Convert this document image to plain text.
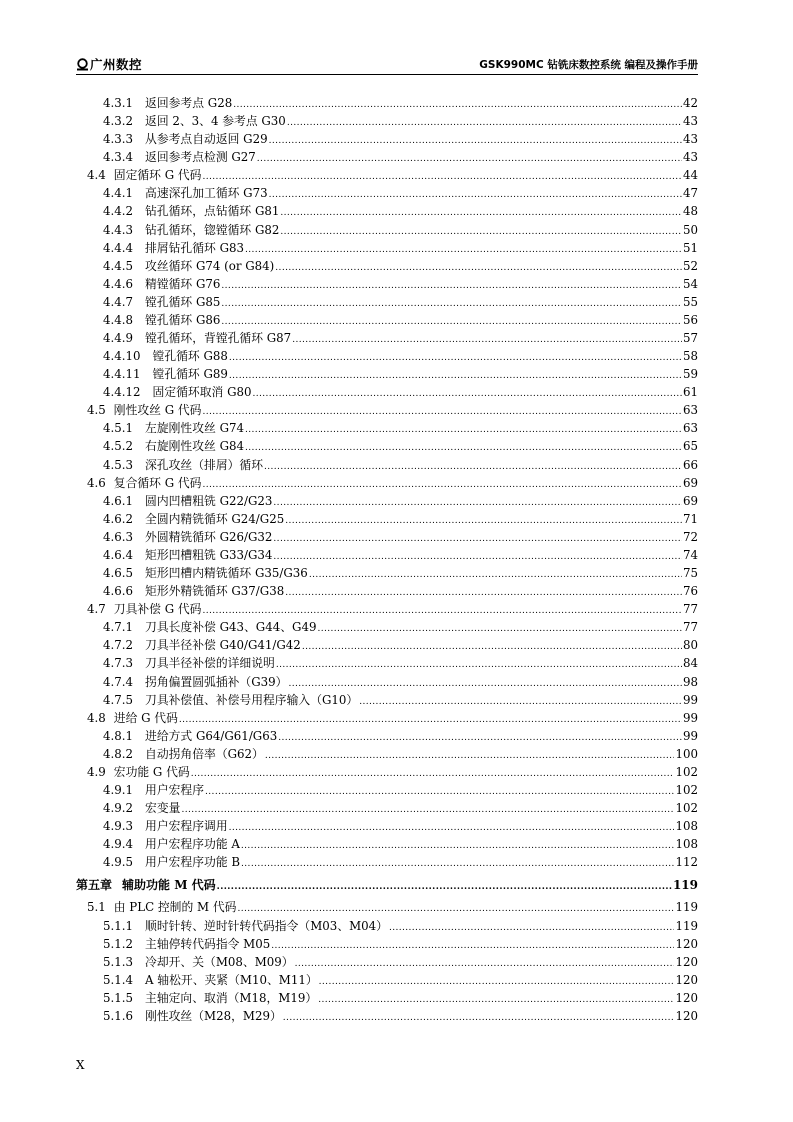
广州数控	GSK990MC 钻铣床数控系统 编程及操作手册
4.3.1 返回参考点 G28 .....	42
4.3.2 返回 2、3、4 参考点 G30 .....	43
4.3.3 从参考点自动返回 G29 .....	43
4.3.4 返回参考点检测 G27 .....	43
4.4 固定循环 G 代码 .....	44
4.4.1 高速深孔加工循环 G73 .....	47
4.4.2 钻孔循环，点钻循环 G81 .....	48
4.4.3 钻孔循环，锪镗循环 G82 .....	50
4.4.4 排屑钻孔循环 G83 .....	51
4.4.5 攻丝循环 G74 (or G84) .....	52
4.4.6 精镗循环 G76 .....	54
4.4.7 镗孔循环 G85 .....	55
4.4.8 镗孔循环 G86 .....	56
4.4.9 镗孔循环，背镗孔循环 G87 .....	57
4.4.10 镗孔循环 G88 .....	58
4.4.11 镗孔循环 G89 .....	59
4.4.12 固定循环取消 G80 .....	61
4.5 刚性攻丝 G 代码 .....	63
4.5.1 左旋刚性攻丝 G74 .....	63
4.5.2 右旋刚性攻丝 G84 .....	65
4.5.3 深孔攻丝（排屑）循环 .....	66
4.6 复合循环 G 代码 .....	69
4.6.1 圆内凹槽粗铣 G22/G23 .....	69
4.6.2 全圆内精铣循环 G24/G25 .....	71
4.6.3 外圆精铣循环 G26/G32 .....	72
4.6.4 矩形凹槽粗铣 G33/G34 .....	74
4.6.5 矩形凹槽内精铣循环 G35/G36 .....	75
4.6.6 矩形外精铣循环 G37/G38 .....	76
4.7 刀具补偿 G 代码 .....	77
4.7.1 刀具长度补偿 G43、G44、G49 .....	77
4.7.2 刀具半径补偿 G40/G41/G42 .....	80
4.7.3 刀具半径补偿的详细说明 .....	84
4.7.4 拐角偏置圆弧插补（G39） .....	98
4.7.5 刀具补偿值、补偿号用程序输入（G10） .....	99
4.8 进给 G 代码 .....	99
4.8.1 进给方式 G64/G61/G63 .....	99
4.8.2 自动拐角倍率（G62） .....	100
4.9 宏功能 G 代码 .....	102
4.9.1 用户宏程序 .....	102
4.9.2 宏变量 .....	102
4.9.3 用户宏程序调用 .....	108
4.9.4 用户宏程序功能 A .....	108
4.9.5 用户宏程序功能 B .....	112
第五章 辅助功能 M 代码 .....	119
5.1 由 PLC 控制的 M 代码 .....	119
5.1.1 顺时针转、逆时针转代码指令（M03、M04） .....	119
5.1.2 主轴停转代码指令 M05 .....	120
5.1.3 冷却开、关（M08、M09） .....	120
5.1.4 A 轴松开、夹紧（M10、M11） .....	120
5.1.5 主轴定向、取消（M18，M19） .....	120
5.1.6 刚性攻丝（M28，M29） .....	120
X
